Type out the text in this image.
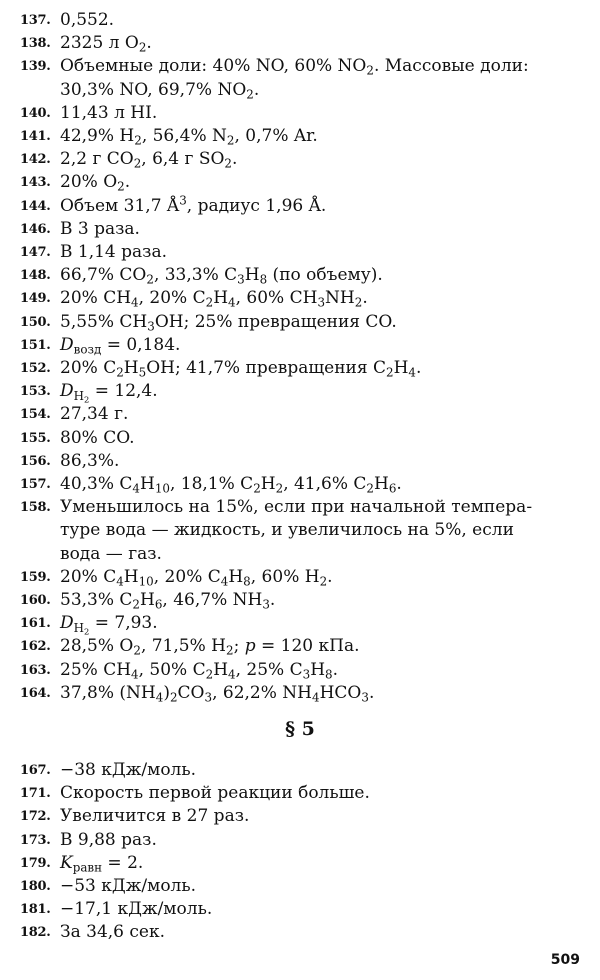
137. 0,552.
138. 2325 л $O_2$.
139. Объемные доли: 40% NO, 60% $NO_2$. Массовые доли:
30,3% NO, 69,7% $NO_2$.
140. 11,43 л HI.
141. 42,9% $H_2$, 56,4% $N_2$, 0,7% Ar.
142. 2,2 г $CO_2$, 6,4 г $SO_2$.
143. 20% $O_2$.
144. Объем 31,7 $Å^3$, радиус 1,96 Å.
146. В 3 раза.
147. В 1,14 раза.
148. 66,7% $CO_2$, 33,3% $C_3H_8$ (по объему).
149. 20% $CH_4$, 20% $C_2H_4$, 60% $CH_3NH_2$.
150. 5,55% $CH_3OH$; 25% превращения CO.
151. $D_{возд} = 0,184$.
152. 20% $C_2H_5OH$; 41,7% превращения $C_2H_4$.
153. $D_{H_2} = 12,4$.
154. 27,34 г.
155. 80% CO.
156. 86,3%.
157. 40,3% $C_4H_{10}$, 18,1% $C_2H_2$, 41,6% $C_2H_6$.
158. Уменьшилось на 15%, если при начальной темпера-
туре вода — жидкость, и увеличилось на 5%, если
вода — газ.
159. 20% $C_4H_{10}$, 20% $C_4H_8$, 60% $H_2$.
160. 53,3% $C_2H_6$, 46,7% $NH_3$.
161. $D_{H_2} = 7,93$.
162. 28,5% $O_2$, 71,5% $H_2$; p = 120 кПа.
163. 25% $CH_4$, 50% $C_2H_4$, 25% $C_3H_8$.
164. 37,8% $(NH_4)_2CO_3$, 62,2% $NH_4HCO_3$.
§ 5
167. −38 кДж/моль.
171. Скорость первой реакции больше.
172. Увеличится в 27 раз.
173. В 9,88 раз.
179. $K_{равн} = 2$.
180. −53 кДж/моль.
181. −17,1 кДж/моль.
182. За 34,6 сек.
509
